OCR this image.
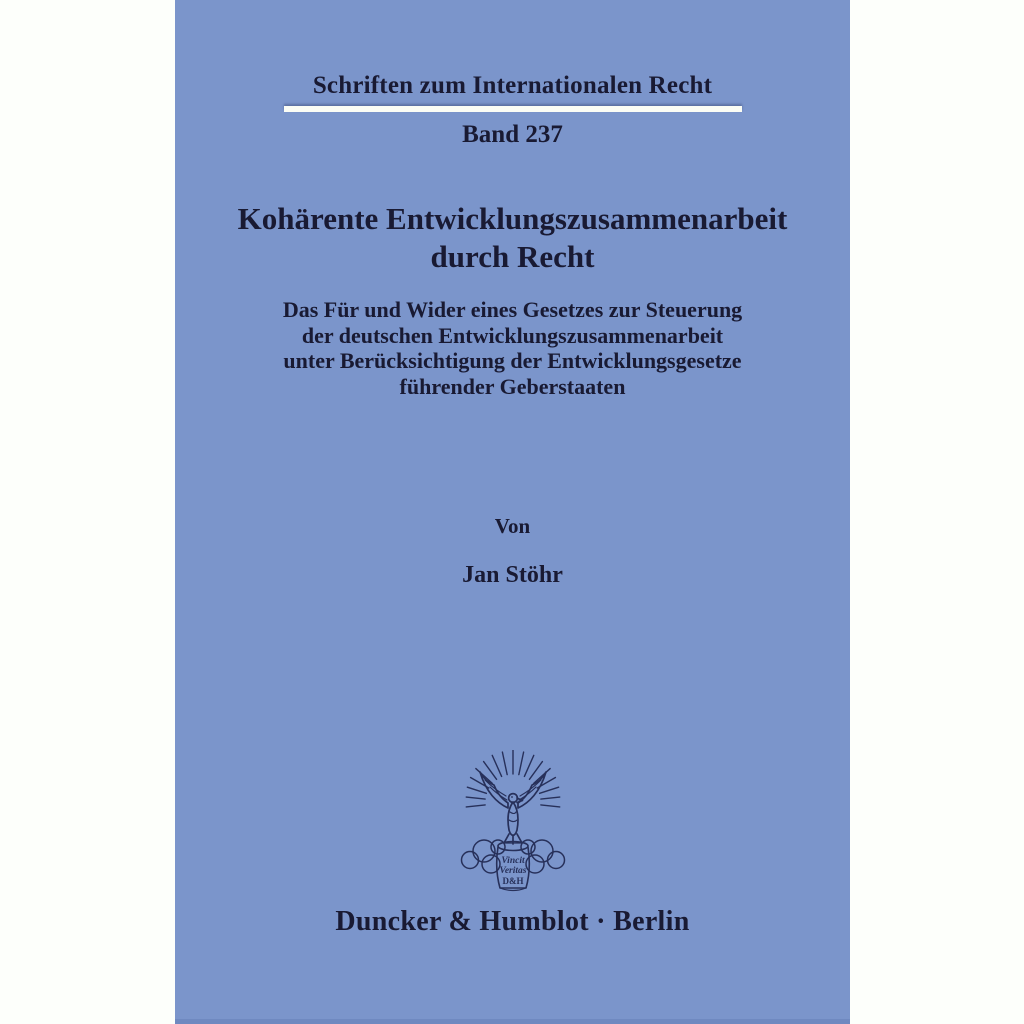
Schriften zum Internationalen Recht
Band 237
Kohärente Entwicklungszusammenarbeit
durch Recht
Das Für und Wider eines Gesetzes zur Steuerung
der deutschen Entwicklungszusammenarbeit
unter Berücksichtigung der Entwicklungsgesetze
führender Geberstaaten
Von
Jan Stöhr
Vincit
Veritas
D&H
Duncker & Humblot · Berlin
